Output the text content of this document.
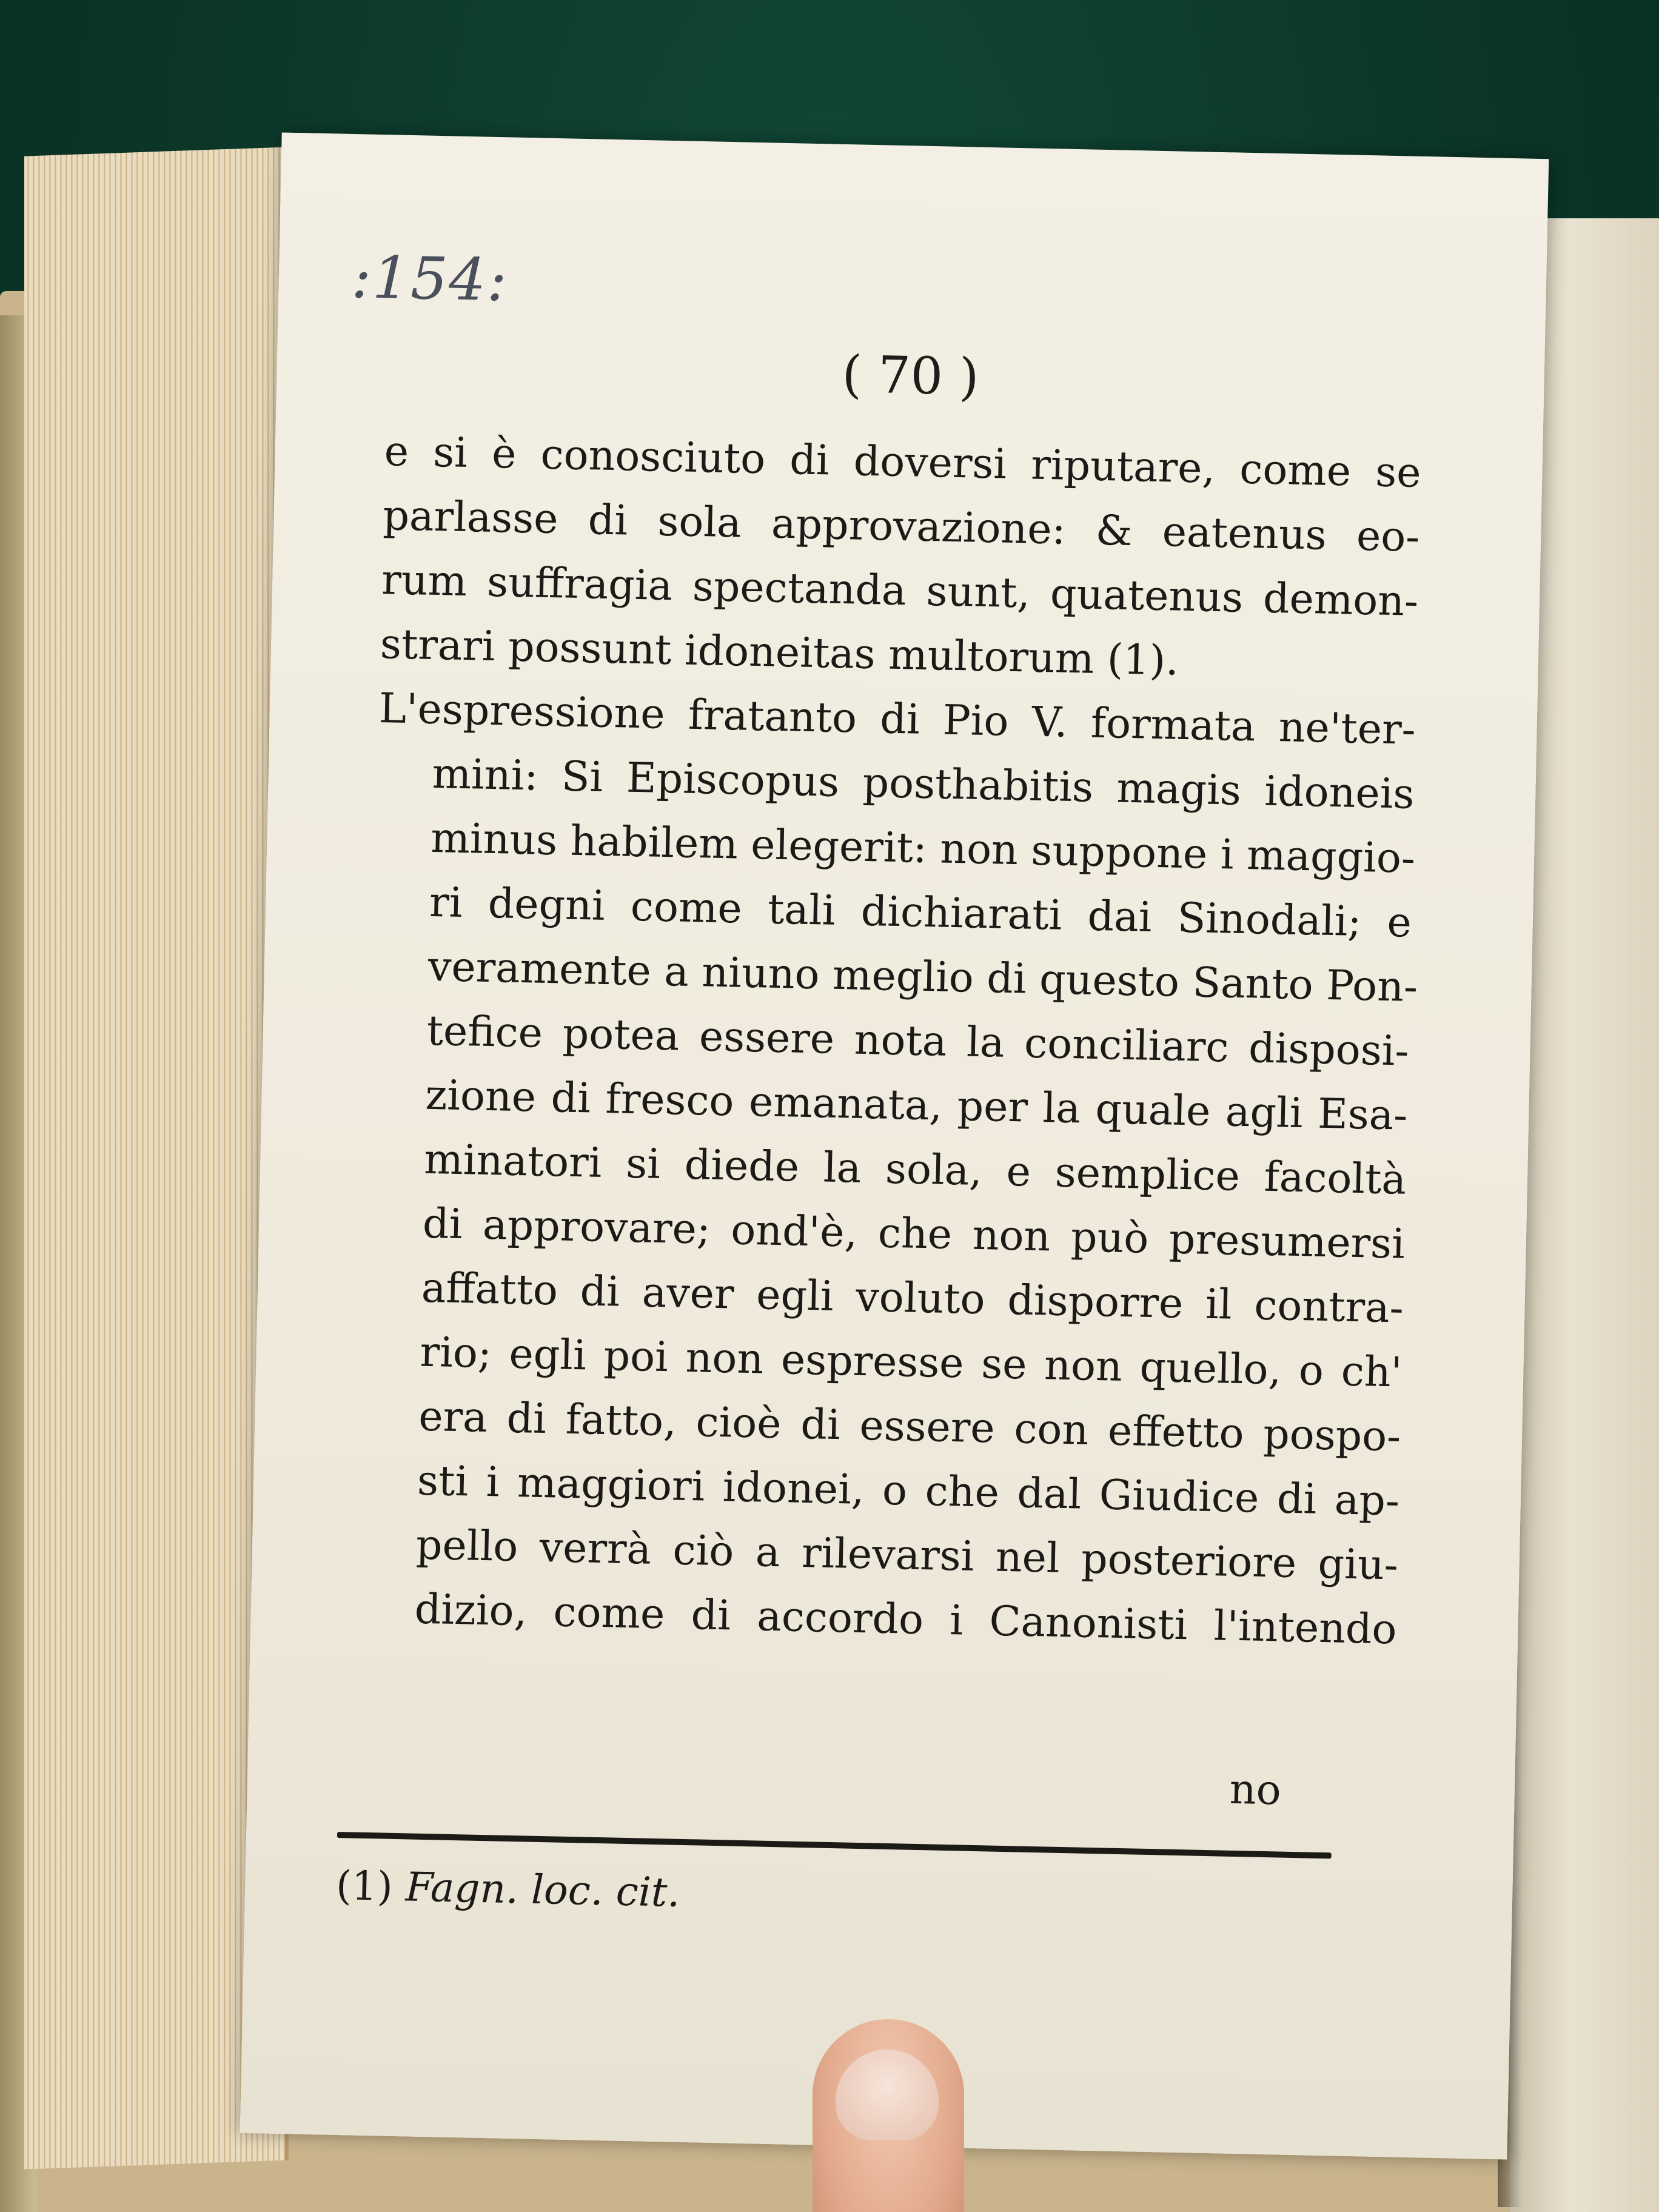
:154:
( 70 )
e si è conosciuto di doversi riputare, come se
parlasse di sola approvazione: & eatenus eo-
rum suffragia spectanda sunt, quatenus demon-
strari possunt idoneitas multorum (1).
L'espressione fratanto di Pio V. formata ne'ter-
mini: Si Episcopus posthabitis magis idoneis
minus habilem elegerit: non suppone i maggio-
ri degni come tali dichiarati dai Sinodali; e
veramente a niuno meglio di questo Santo Pon-
tefice potea essere nota la conciliarc disposi-
zione di fresco emanata, per la quale agli Esa-
minatori si diede la sola, e semplice facoltà
di approvare; ond'è, che non può presumersi
affatto di aver egli voluto disporre il contra-
rio; egli poi non espresse se non quello, o ch'
era di fatto, cioè di essere con effetto pospo-
sti i maggiori idonei, o che dal Giudice di ap-
pello verrà ciò a rilevarsi nel posteriore giu-
dizio, come di accordo i Canonisti l'intendo
no
(1) Fagn. loc. cit.
